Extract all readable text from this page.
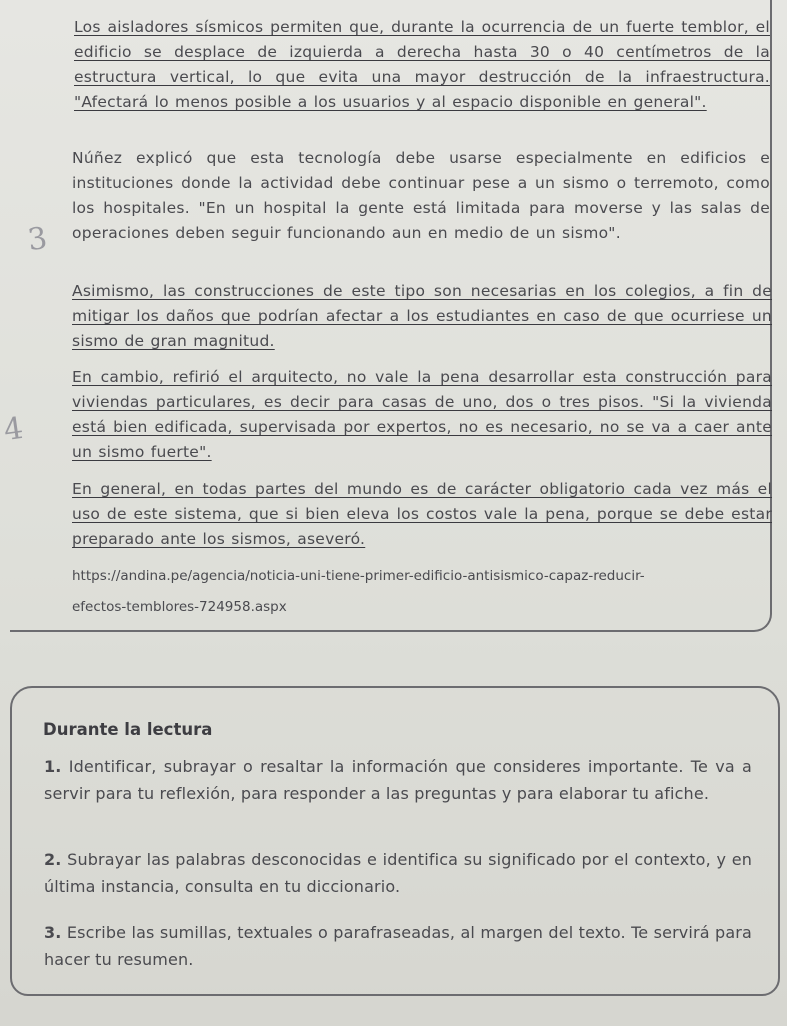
3
4

Los aisladores sísmicos permiten que, durante la ocurrencia de un fuerte temblor, el edificio se desplace de izquierda a derecha hasta 30 o 40 centímetros de la estructura vertical, lo que evita una mayor destrucción de la infraestructura. "Afectará lo menos posible a los usuarios y al espacio disponible en general".

Núñez explicó que esta tecnología debe usarse especialmente en edificios e instituciones donde la actividad debe continuar pese a un sismo o terremoto, como los hospitales. "En un hospital la gente está limitada para moverse y las salas de operaciones deben seguir funcionando aun en medio de un sismo".

Asimismo, las construcciones de este tipo son necesarias en los colegios, a fin de mitigar los daños que podrían afectar a los estudiantes en caso de que ocurriese un sismo de gran magnitud.

En cambio, refirió el arquitecto, no vale la pena desarrollar esta construcción para viviendas particulares, es decir para casas de uno, dos o tres pisos. "Si la vivienda está bien edificada, supervisada por expertos, no es necesario, no se va a caer ante un sismo fuerte".

En general, en todas partes del mundo es de carácter obligatorio cada vez más el uso de este sistema, que si bien eleva los costos vale la pena, porque se debe estar preparado ante los sismos, aseveró.

https://andina.pe/agencia/noticia-uni-tiene-primer-edificio-antisismico-capaz-reducir-

efectos-temblores-724958.aspx

Durante la lectura

1. Identificar, subrayar o resaltar la información que consideres importante. Te va a servir para tu reflexión, para responder a las preguntas y para elaborar tu afiche.

2. Subrayar las palabras desconocidas e identifica su significado por el contexto, y en última instancia, consulta en tu diccionario.

3. Escribe las sumillas, textuales o parafraseadas, al margen del texto. Te servirá para hacer tu resumen.
